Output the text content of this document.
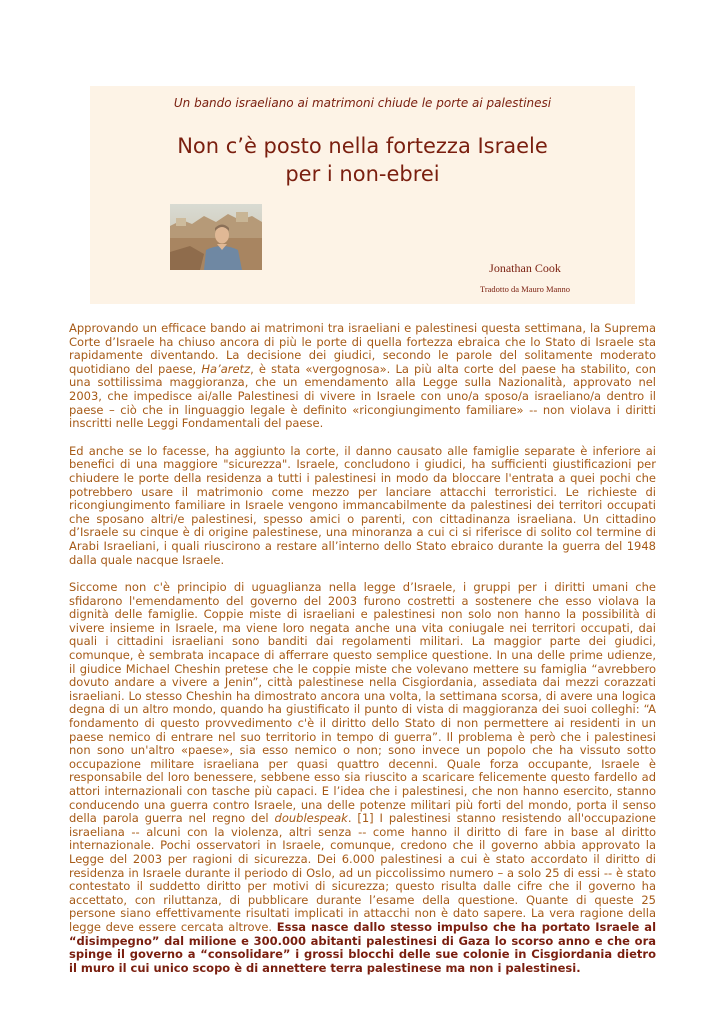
Un bando israeliano ai matrimoni chiude le porte ai palestinesi
Non c’è posto nella fortezza Israele
per i non-ebrei
Jonathan Cook
Tradotto da Mauro Manno

Approvando un efficace bando ai matrimoni tra israeliani e palestinesi questa settimana, la Suprema Corte d’Israele ha chiuso ancora di più le porte di quella fortezza ebraica che lo Stato di Israele sta rapidamente diventando. La decisione dei giudici, secondo le parole del solitamente moderato quotidiano del paese, Ha’aretz, è stata «vergognosa». La più alta corte del paese ha stabilito, con una sottilissima maggioranza, che un emendamento alla Legge sulla Nazionalità, approvato nel 2003, che impedisce ai/alle Palestinesi di vivere in Israele con uno/a sposo/a israeliano/a dentro il paese – ciò che in linguaggio legale è definito «ricongiungimento familiare» -- non violava i diritti inscritti nelle Leggi Fondamentali del paese.

Ed anche se lo facesse, ha aggiunto la corte, il danno causato alle famiglie separate è inferiore ai benefici di una maggiore "sicurezza". Israele, concludono i giudici, ha sufficienti giustificazioni per chiudere le porte della residenza a tutti i palestinesi in modo da bloccare l'entrata a quei pochi che potrebbero usare il matrimonio come mezzo per lanciare attacchi terroristici. Le richieste di ricongiungimento familiare in Israele vengono immancabilmente da palestinesi dei territori occupati che sposano altri/e palestinesi, spesso amici o parenti, con cittadinanza israeliana. Un cittadino d’Israele su cinque è di origine palestinese, una minoranza a cui ci si riferisce di solito col termine di Arabi Israeliani, i quali riuscirono a restare all’interno dello Stato ebraico durante la guerra del 1948 dalla quale nacque Israele.

Siccome non c'è principio di uguaglianza nella legge d’Israele, i gruppi per i diritti umani che sfidarono l'emendamento del governo del 2003 furono costretti a sostenere che esso violava la dignità delle famiglie. Coppie miste di israeliani e palestinesi non solo non hanno la possibilità di vivere insieme in Israele, ma viene loro negata anche una vita coniugale nei territori occupati, dai quali i cittadini israeliani sono banditi dai regolamenti militari. La maggior parte dei giudici, comunque, è sembrata incapace di afferrare questo semplice questione. In una delle prime udienze, il giudice Michael Cheshin pretese che le coppie miste che volevano mettere su famiglia “avrebbero dovuto andare a vivere a Jenin”, città palestinese nella Cisgiordania, assediata dai mezzi corazzati israeliani. Lo stesso Cheshin ha dimostrato ancora una volta, la settimana scorsa, di avere una logica degna di un altro mondo, quando ha giustificato il punto di vista di maggioranza dei suoi colleghi: “A fondamento di questo provvedimento c'è il diritto dello Stato di non permettere ai residenti in un paese nemico di entrare nel suo territorio in tempo di guerra”. Il problema è però che i palestinesi non sono un'altro «paese», sia esso nemico o non; sono invece un popolo che ha vissuto sotto occupazione militare israeliana per quasi quattro decenni. Quale forza occupante, Israele è responsabile del loro benessere, sebbene esso sia riuscito a scaricare felicemente questo fardello ad attori internazionali con tasche più capaci. E l’idea che i palestinesi, che non hanno esercito, stanno conducendo una guerra contro Israele, una delle potenze militari più forti del mondo, porta il senso della parola guerra nel regno del doublespeak. [1] I palestinesi stanno resistendo all'occupazione israeliana -- alcuni con la violenza, altri senza -- come hanno il diritto di fare in base al diritto internazionale. Pochi osservatori in Israele, comunque, credono che il governo abbia approvato la Legge del 2003 per ragioni di sicurezza. Dei 6.000 palestinesi a cui è stato accordato il diritto di residenza in Israele durante il periodo di Oslo, ad un piccolissimo numero – a solo 25 di essi -- è stato contestato il suddetto diritto per motivi di sicurezza; questo risulta dalle cifre che il governo ha accettato, con riluttanza, di pubblicare durante l’esame della questione. Quante di queste 25 persone siano effettivamente risultati implicati in attacchi non è dato sapere. La vera ragione della legge deve essere cercata altrove. Essa nasce dallo stesso impulso che ha portato Israele al “disimpegno” dal milione e 300.000 abitanti palestinesi di Gaza lo scorso anno e che ora spinge il governo a “consolidare” i grossi blocchi delle sue colonie in Cisgiordania dietro il muro il cui unico scopo è di annettere terra palestinese ma non i palestinesi.
